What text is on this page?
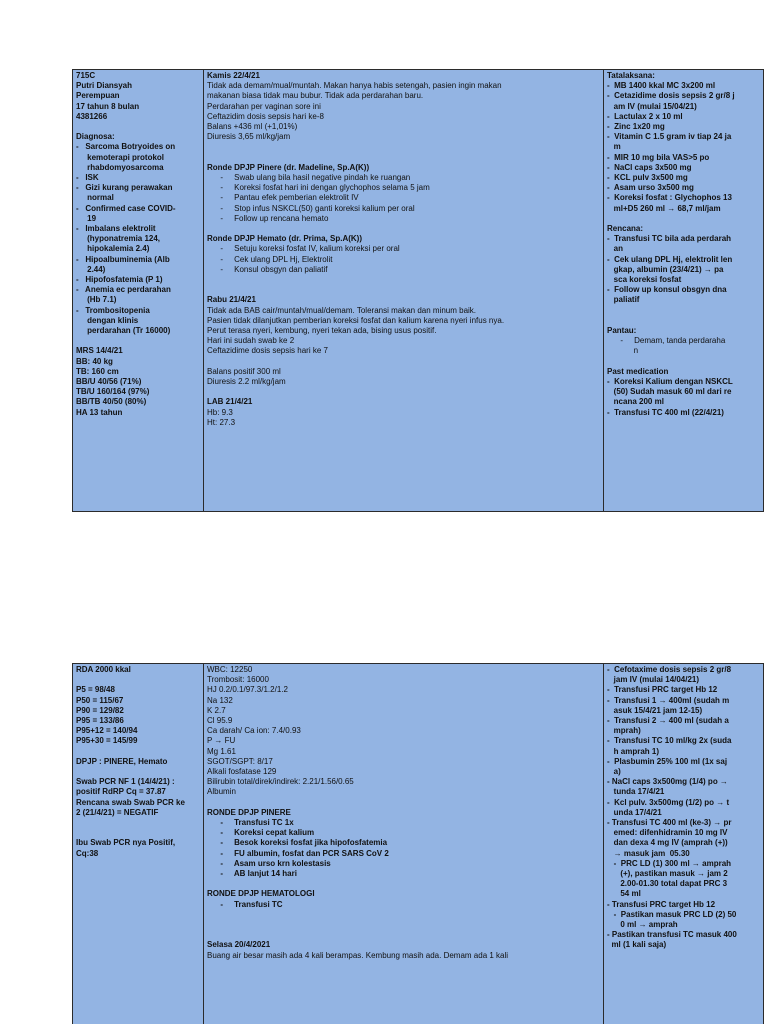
715C
Putri Diansyah
Perempuan
17 tahun 8 bulan
4381266
Diagnosa:
-   Sarcoma Botryoides on
kemoterapi protokol
rhabdomyosarcoma
-   ISK
-   Gizi kurang perawakan
normal
-   Confirmed case COVID-
19
-   Imbalans elektrolit
(hyponatremia 124,
hipokalemia 2.4)
-   Hipoalbuminemia (Alb
2.44)
-   Hipofosfatemia (P 1)
-   Anemia ec perdarahan
(Hb 7.1)
-   Trombositopenia
dengan klinis
perdarahan (Tr 16000)
MRS 14/4/21
BB: 40 kg
TB: 160 cm
BB/U 40/56 (71%)
TB/U 160/164 (97%)
BB/TB 40/50 (80%)
HA 13 tahun
Kamis 22/4/21
Tidak ada demam/mual/muntah. Makan hanya habis setengah, pasien ingin makan
makanan biasa tidak mau bubur. Tidak ada perdarahan baru.
Perdarahan per vaginan sore ini
Ceftazidim dosis sepsis hari ke-8
Balans +436 ml (+1,01%)
Diuresis 3,65 ml/kg/jam
Ronde DPJP Pinere (dr. Madeline, Sp.A(K))
-     Swab ulang bila hasil negative pindah ke ruangan
-     Koreksi fosfat hari ini dengan glychophos selama 5 jam
-     Pantau efek pemberian elektrolit IV
-     Stop infus NSKCL(50) ganti koreksi kalium per oral
-     Follow up rencana hemato
Ronde DPJP Hemato (dr. Prima, Sp.A(K))
-     Setuju koreksi fosfat IV, kalium koreksi per oral
-     Cek ulang DPL Hj, Elektrolit
-     Konsul obsgyn dan paliatif
Rabu 21/4/21
Tidak ada BAB cair/muntah/mual/demam. Toleransi makan dan minum baik.
Pasien tidak dilanjutkan pemberian koreksi fosfat dan kalium karena nyeri infus nya.
Perut terasa nyeri, kembung, nyeri tekan ada, bising usus positif.
Hari ini sudah swab ke 2
Ceftazidime dosis sepsis hari ke 7
Balans positif 300 ml
Diuresis 2.2 ml/kg/jam
LAB 21/4/21
Hb: 9.3
Ht: 27.3
Tatalaksana:
-  MB 1400 kkal MC 3x200 ml
-  Cetazidime dosis sepsis 2 gr/8 j
am IV (mulai 15/04/21)
-  Lactulax 2 x 10 ml
-  Zinc 1x20 mg
-  Vitamin C 1.5 gram iv tiap 24 ja
m
-  MIR 10 mg bila VAS>5 po
-  NaCl caps 3x500 mg
-  KCL pulv 3x500 mg
-  Asam urso 3x500 mg
-  Koreksi fosfat : Glychophos 13
ml+D5 260 ml → 68,7 ml/jam
Rencana:
-  Transfusi TC bila ada perdarah
an
-  Cek ulang DPL Hj, elektrolit len
gkap, albumin (23/4/21) → pa
sca koreksi fosfat
-  Follow up konsul obsgyn dna
paliatif
Pantau:
-     Demam, tanda perdaraha
n
Past medication
-  Koreksi Kalium dengan NSKCL
(50) Sudah masuk 60 ml dari re
ncana 200 ml
-  Transfusi TC 400 ml (22/4/21)
RDA 2000 kkal
P5 = 98/48
P50 = 115/67
P90 = 129/82
P95 = 133/86
P95+12 = 140/94
P95+30 = 145/99
DPJP : PINERE, Hemato
Swab PCR NF 1 (14/4/21) :
positif RdRP Cq = 37.87
Rencana swab Swab PCR ke
2 (21/4/21) = NEGATIF
Ibu Swab PCR nya Positif,
Cq:38
WBC: 12250
Trombosit: 16000
HJ 0.2/0.1/97.3/1.2/1.2
Na 132
K 2.7
Cl 95.9
Ca darah/ Ca ion: 7.4/0.93
P → FU
Mg 1.61
SGOT/SGPT: 8/17
Alkali fosfatase 129
Bilirubin total/direk/indirek: 2.21/1.56/0.65
Albumin
RONDE DPJP PINERE
-     Transfusi TC 1x
-     Koreksi cepat kalium
-     Besok koreksi fosfat jika hipofosfatemia
-     FU albumin, fosfat dan PCR SARS CoV 2
-     Asam urso krn kolestasis
-     AB lanjut 14 hari
RONDE DPJP HEMATOLOGI
-     Transfusi TC
Selasa 20/4/2021
Buang air besar masih ada 4 kali berampas. Kembung masih ada. Demam ada 1 kali
-  Cefotaxime dosis sepsis 2 gr/8
jam IV (mulai 14/04/21)
-  Transfusi PRC target Hb 12
-  Transfusi 1 → 400ml (sudah m
asuk 15/4/21 jam 12-15)
-  Transfusi 2 → 400 ml (sudah a
mprah)
-  Transfusi TC 10 ml/kg 2x (suda
h amprah 1)
-  Plasbumin 25% 100 ml (1x saj
a)
- NaCl caps 3x500mg (1/4) po →
tunda 17/4/21
-  Kcl pulv. 3x500mg (1/2) po → t
unda 17/4/21
- Transfusi TC 400 ml (ke-3) → pr
emed: difenhidramin 10 mg IV
dan dexa 4 mg IV (amprah (+))
→ masuk jam  05.30
-  PRC LD (1) 300 ml → amprah
(+), pastikan masuk → jam 2
2.00-01.30 total dapat PRC 3
54 ml
- Transfusi PRC target Hb 12
-  Pastikan masuk PRC LD (2) 50
0 ml → amprah
- Pastikan transfusi TC masuk 400
ml (1 kali saja)
